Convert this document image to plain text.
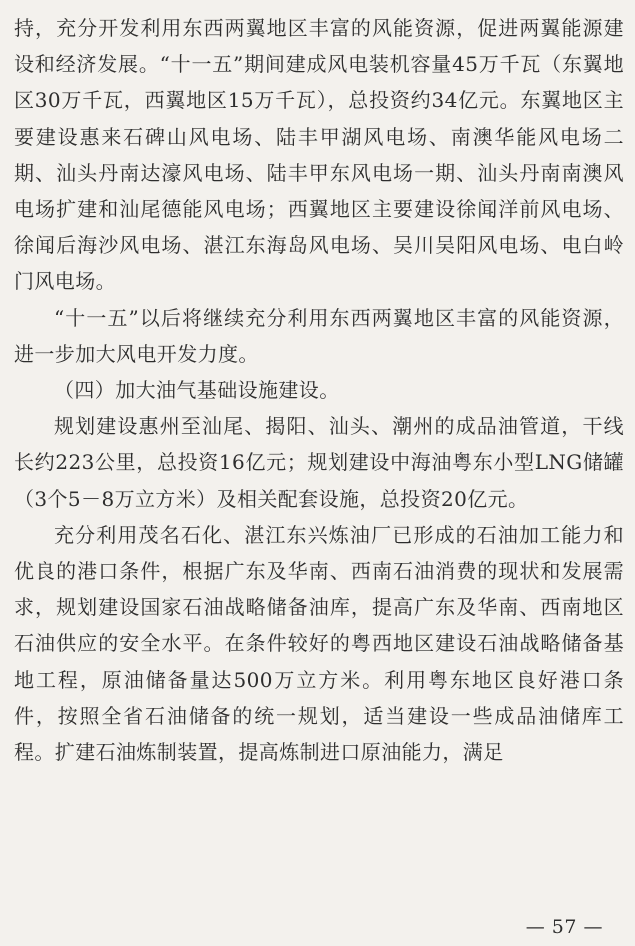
持，充分开发利用东西两翼地区丰富的风能资源，促进两翼能源建设和经济发展。“十一五”期间建成风电装机容量45万千瓦（东翼地区30万千瓦，西翼地区15万千瓦），总投资约34亿元。东翼地区主要建设惠来石碑山风电场、陆丰甲湖风电场、南澳华能风电场二期、汕头丹南达濠风电场、陆丰甲东风电场一期、汕头丹南南澳风电场扩建和汕尾德能风电场；西翼地区主要建设徐闻洋前风电场、徐闻后海沙风电场、湛江东海岛风电场、吴川吴阳风电场、电白岭门风电场。

“十一五”以后将继续充分利用东西两翼地区丰富的风能资源，进一步加大风电开发力度。

（四）加大油气基础设施建设。

规划建设惠州至汕尾、揭阳、汕头、潮州的成品油管道，干线长约223公里，总投资16亿元；规划建设中海油粤东小型LNG储罐（3个5－8万立方米）及相关配套设施，总投资20亿元。

充分利用茂名石化、湛江东兴炼油厂已形成的石油加工能力和优良的港口条件，根据广东及华南、西南石油消费的现状和发展需求，规划建设国家石油战略储备油库，提高广东及华南、西南地区石油供应的安全水平。在条件较好的粤西地区建设石油战略储备基地工程，原油储备量达500万立方米。利用粤东地区良好港口条件，按照全省石油储备的统一规划，适当建设一些成品油储库工程。扩建石油炼制装置，提高炼制进口原油能力，满足

— 57 —
